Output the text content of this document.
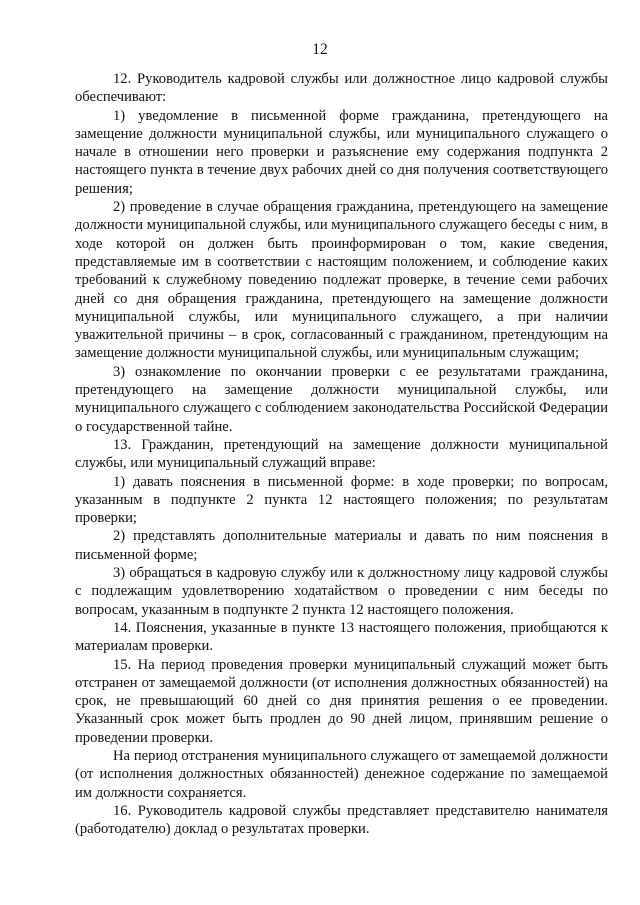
12

12. Руководитель кадровой службы или должностное лицо кадровой службы обеспечивают:

1) уведомление в письменной форме гражданина, претендующего на замещение должности муниципальной службы, или муниципального служащего о начале в отношении него проверки и разъяснение ему содержания подпункта 2 настоящего пункта в течение двух рабочих дней со дня получения соответствующего решения;

2) проведение в случае обращения гражданина, претендующего на замещение должности муниципальной службы, или муниципального служащего беседы с ним, в ходе которой он должен быть проинформирован о том, какие сведения, представляемые им в соответствии с настоящим положением, и соблюдение каких требований к служебному поведению подлежат проверке, в течение семи рабочих дней со дня обращения гражданина, претендующего на замещение должности муниципальной службы, или муниципального служащего, а при наличии уважительной причины – в срок, согласованный с гражданином, претендующим на замещение должности муниципальной службы, или муниципальным служащим;

3) ознакомление по окончании проверки с ее результатами гражданина, претендующего на замещение должности муниципальной службы, или муниципального служащего с соблюдением законодательства Российской Федерации о государственной тайне.

13. Гражданин, претендующий на замещение должности муниципальной службы, или муниципальный служащий вправе:

1) давать пояснения в письменной форме: в ходе проверки; по вопросам, указанным в подпункте 2 пункта 12 настоящего положения; по результатам проверки;

2) представлять дополнительные материалы и давать по ним пояснения в письменной форме;

3) обращаться в кадровую службу или к должностному лицу кадровой службы с подлежащим удовлетворению ходатайством о проведении с ним беседы по вопросам, указанным в подпункте 2 пункта 12 настоящего положения.

14. Пояснения, указанные в пункте 13 настоящего положения, приобщаются к материалам проверки.

15. На период проведения проверки муниципальный служащий может быть отстранен от замещаемой должности (от исполнения должностных обязанностей) на срок, не превышающий 60 дней со дня принятия решения о ее проведении. Указанный срок может быть продлен до 90 дней лицом, принявшим решение о проведении проверки.

На период отстранения муниципального служащего от замещаемой должности (от исполнения должностных обязанностей) денежное содержание по замещаемой им должности сохраняется.

16. Руководитель кадровой службы представляет представителю нанимателя (работодателю) доклад о результатах проверки.
